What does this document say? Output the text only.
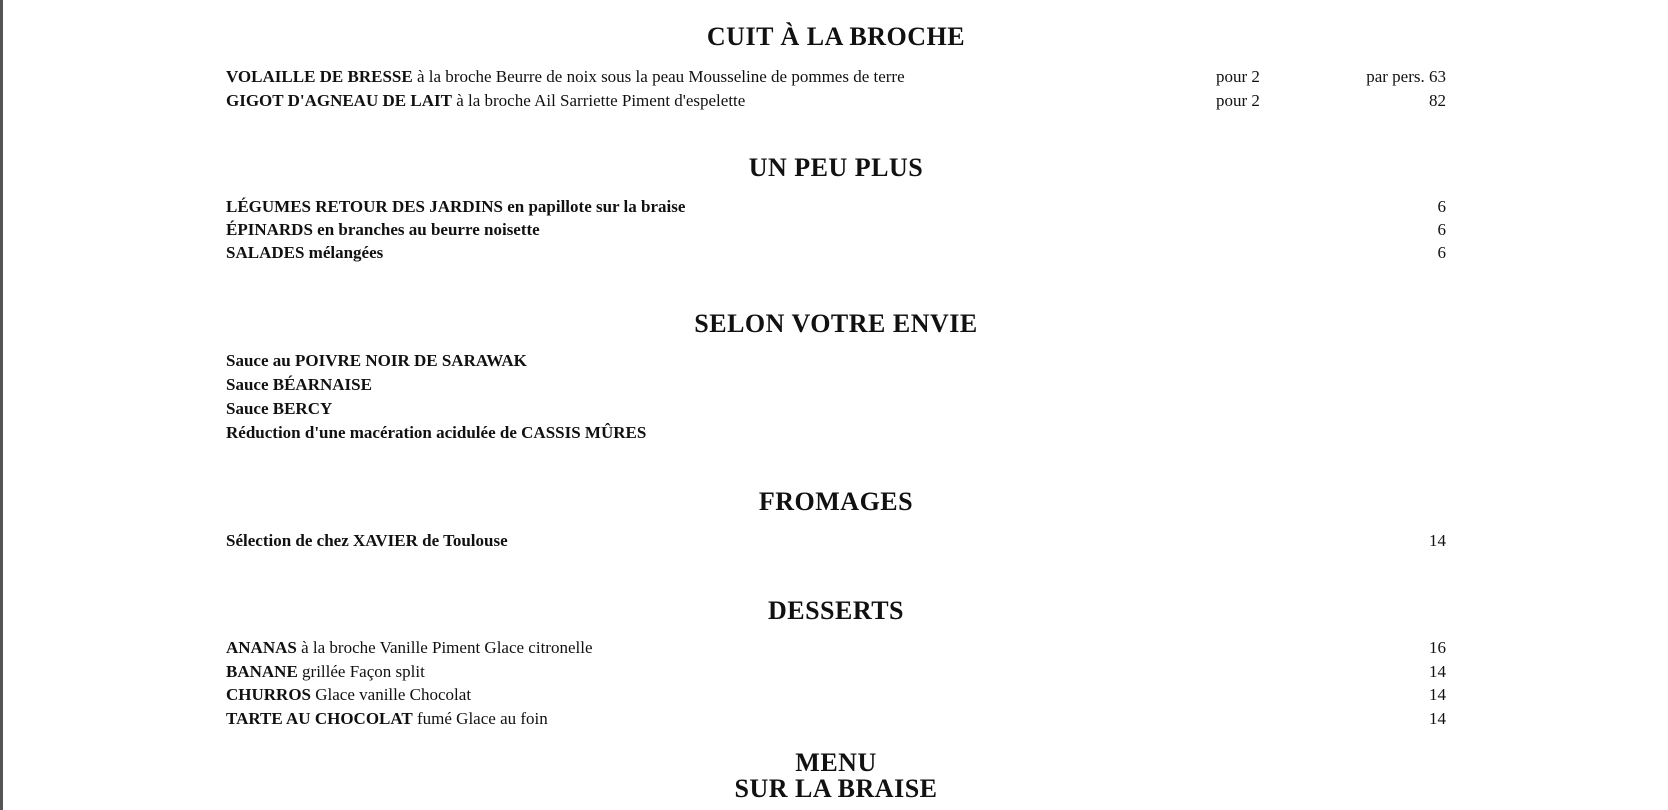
CUIT À LA BROCHE
VOLAILLE DE BRESSE à la broche Beurre de noix sous la peau Mousseline de pommes de terre	pour 2	par pers. 63
GIGOT D'AGNEAU DE LAIT à la broche Ail Sarriette Piment d'espelette	pour 2	82
UN PEU PLUS
LÉGUMES RETOUR DES JARDINS en papillote sur la braise	6
ÉPINARDS en branches au beurre noisette	6
SALADES mélangées	6
SELON VOTRE ENVIE
Sauce au POIVRE NOIR DE SARAWAK
Sauce BÉARNAISE
Sauce BERCY
Réduction d'une macération acidulée de CASSIS MÛRES
FROMAGES
Sélection de chez XAVIER de Toulouse	14
DESSERTS
ANANAS à la broche Vanille Piment Glace citronelle	16
BANANE grillée Façon split	14
CHURROS Glace vanille Chocolat	14
TARTE AU CHOCOLAT fumé Glace au foin	14
MENU
SUR LA BRAISE
